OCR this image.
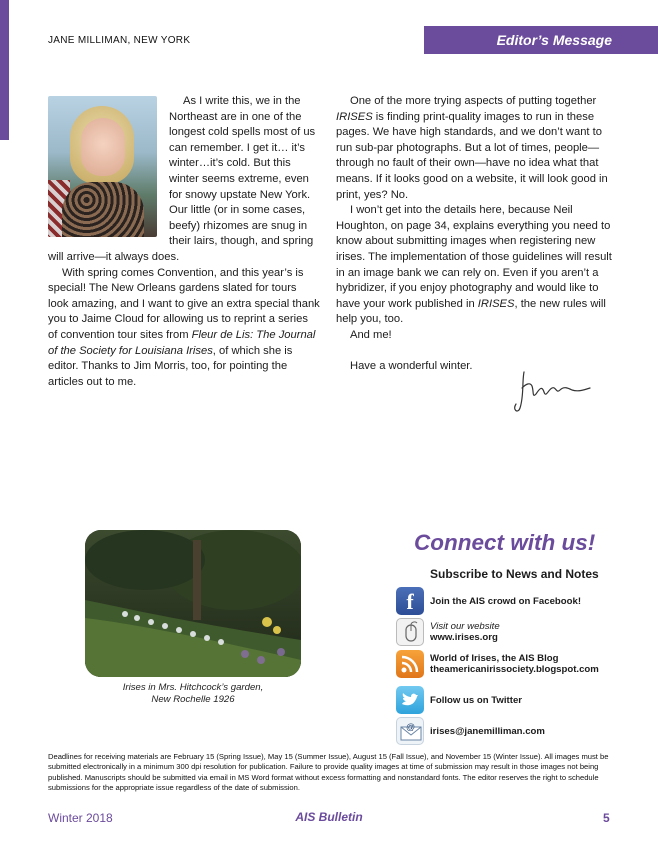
JANE MILLIMAN, NEW YORK	Editor’s Message

As I write this, we in the Northeast are in one of the longest cold spells most of us can remember. I get it… it’s winter…it’s cold. But this winter seems extreme, even for snowy upstate New York. Our little (or in some cases, beefy) rhizomes are snug in their lairs, though, and spring will arrive—it always does.

With spring comes Convention, and this year’s is special! The New Orleans gardens slated for tours look amazing, and I want to give an extra special thank you to Jaime Cloud for allowing us to reprint a series of convention tour sites from Fleur de Lis: The Journal of the Society for Louisiana Irises, of which she is editor. Thanks to Jim Morris, too, for pointing the articles out to me.

One of the more trying aspects of putting together IRISES is finding print-quality images to run in these pages. We have high standards, and we don’t want to run sub-par photographs. But a lot of times, people—through no fault of their own—have no idea what that means. If it looks good on a website, it will look good in print, yes? No.

I won’t get into the details here, because Neil Houghton, on page 34, explains everything you need to know about submitting images when registering new irises. The implementation of those guidelines will result in an image bank we can rely on. Even if you aren’t a hybridizer, if you enjoy photography and would like to have your work published in IRISES, the new rules will help you, too.

And me!

Have a wonderful winter.

Irises in Mrs. Hitchcock’s garden,
New Rochelle 1926
Connect with us!
Subscribe to News and Notes
f	Join the AIS crowd on Facebook!
Visit our website
www.irises.org
World of Irises, the AIS Blog
theamericanirissociety.blogspot.com
Follow us on Twitter
@ irises@janemilliman.com
Deadlines for receiving materials are February 15 (Spring Issue), May 15 (Summer Issue), August 15 (Fall Issue), and November 15 (Winter Issue). All images must be submitted electronically in a minimum 300 dpi resolution for publication. Failure to provide quality images at time of submission may result in those images not being published. Manuscripts should be submitted via email in MS Word format without excess formatting and nonstandard fonts. The editor reserves the right to schedule submissions for the appropriate issue regardless of the date of submission.
Winter 2018	AIS Bulletin	5
